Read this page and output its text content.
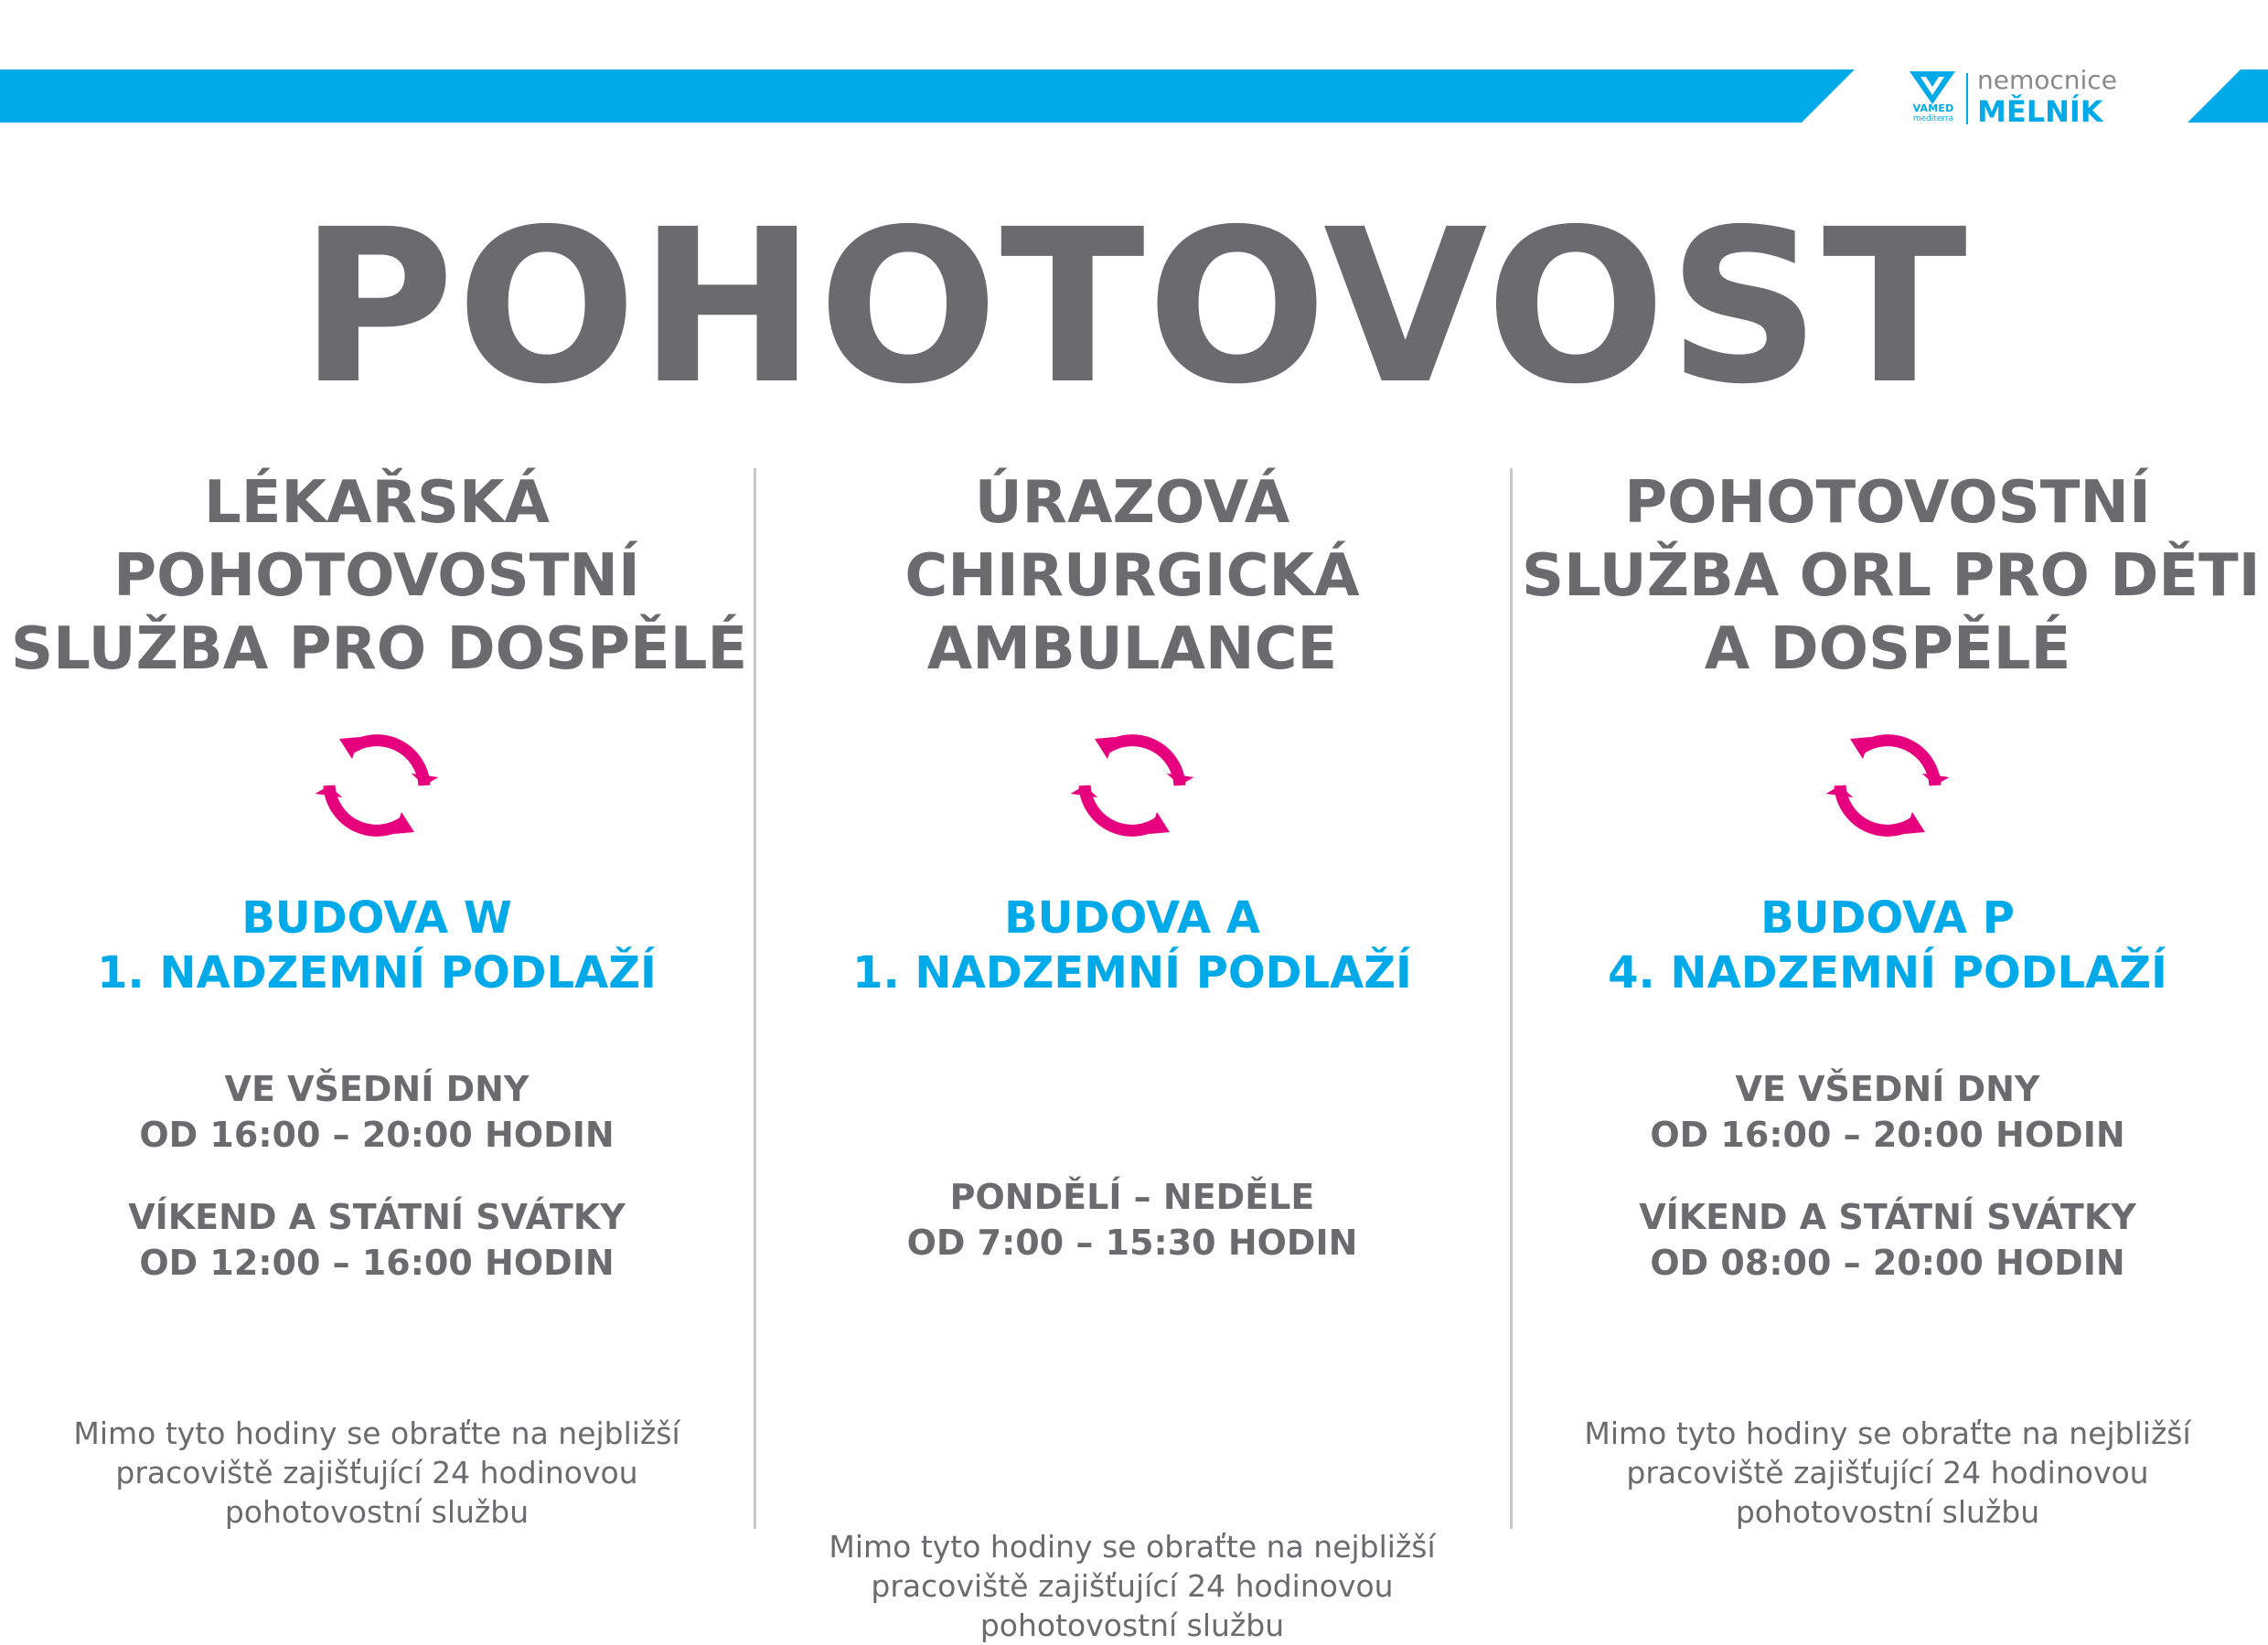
VAMED
mediterra
nemocnice
MĚLNÍK
POHOTOVOST
LÉKAŘSKÁ
POHOTOVOSTNÍ
SLUŽBA PRO DOSPĚLÉ
BUDOVA W
1. NADZEMNÍ PODLAŽÍ
VE VŠEDNÍ DNY
OD 16:00 – 20:00 HODIN
VÍKEND A STÁTNÍ SVÁTKY
OD 12:00 – 16:00 HODIN
Mimo tyto hodiny se obraťte na nejbližší
pracoviště zajišťující 24 hodinovou
pohotovostní službu
ÚRAZOVÁ
CHIRURGICKÁ
AMBULANCE
BUDOVA A
1. NADZEMNÍ PODLAŽÍ
PONDĚLÍ – NEDĚLE
OD 7:00 – 15:30 HODIN
Mimo tyto hodiny se obraťte na nejbližší
pracoviště zajišťující 24 hodinovou
pohotovostní službu
POHOTOVOSTNÍ
SLUŽBA ORL PRO DĚTI
A DOSPĚLÉ
BUDOVA P
4. NADZEMNÍ PODLAŽÍ
VE VŠEDNÍ DNY
OD 16:00 – 20:00 HODIN
VÍKEND A STÁTNÍ SVÁTKY
OD 08:00 – 20:00 HODIN
Mimo tyto hodiny se obraťte na nejbližší
pracoviště zajišťující 24 hodinovou
pohotovostní službu
